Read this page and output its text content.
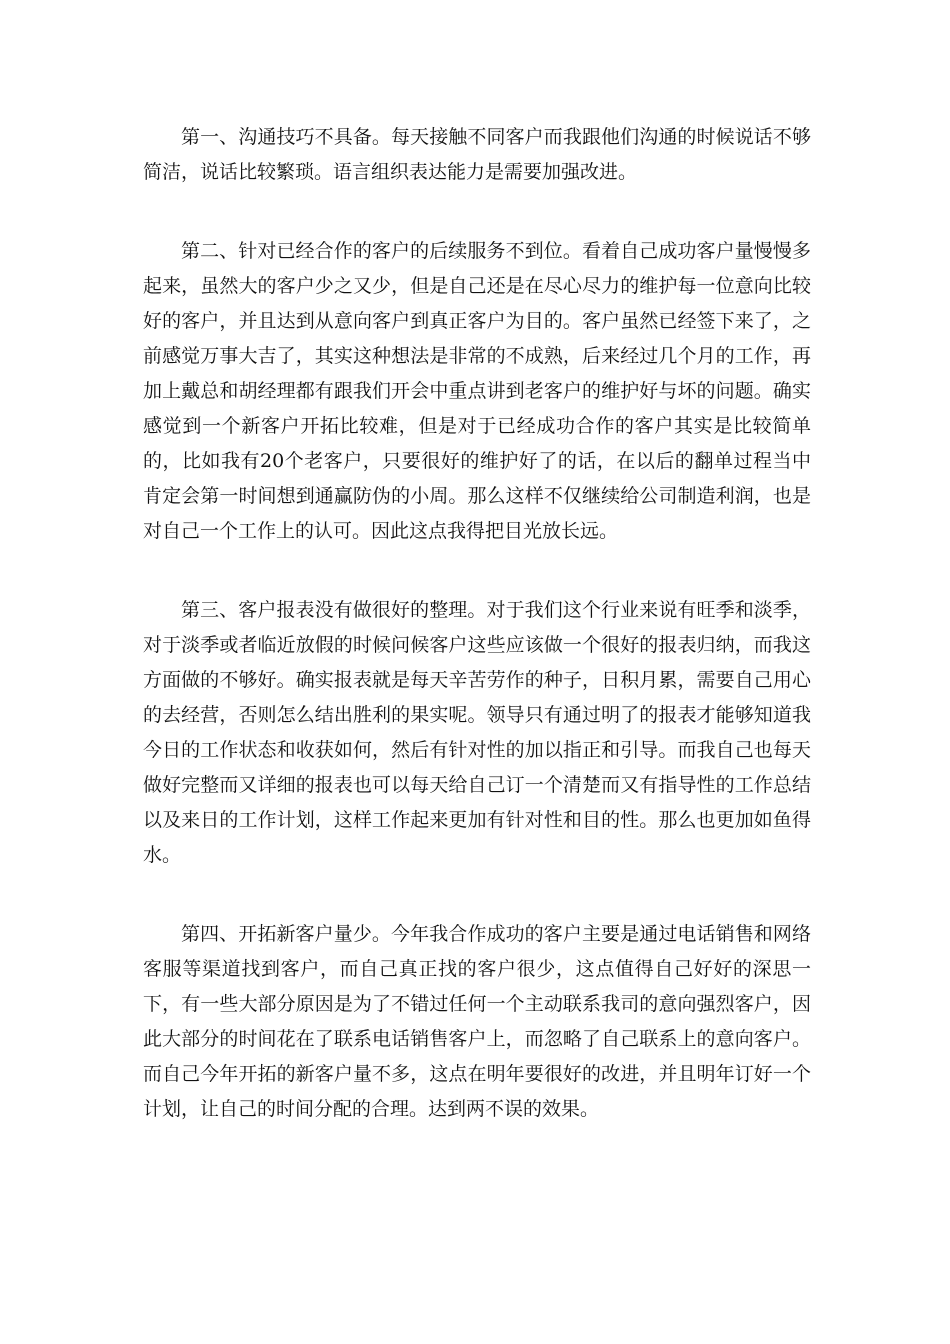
第一、沟通技巧不具备。每天接触不同客户而我跟他们沟通的时候说话不够简洁，说话比较繁琐。语言组织表达能力是需要加强改进。

第二、针对已经合作的客户的后续服务不到位。看着自己成功客户量慢慢多起来，虽然大的客户少之又少，但是自己还是在尽心尽力的维护每一位意向比较好的客户，并且达到从意向客户到真正客户为目的。客户虽然已经签下来了，之前感觉万事大吉了，其实这种想法是非常的不成熟，后来经过几个月的工作，再加上戴总和胡经理都有跟我们开会中重点讲到老客户的维护好与坏的问题。确实感觉到一个新客户开拓比较难，但是对于已经成功合作的客户其实是比较简单的，比如我有20个老客户，只要很好的维护好了的话，在以后的翻单过程当中肯定会第一时间想到通赢防伪的小周。那么这样不仅继续给公司制造利润，也是对自己一个工作上的认可。因此这点我得把目光放长远。

第三、客户报表没有做很好的整理。对于我们这个行业来说有旺季和淡季，对于淡季或者临近放假的时候问候客户这些应该做一个很好的报表归纳，而我这方面做的不够好。确实报表就是每天辛苦劳作的种子，日积月累，需要自己用心的去经营，否则怎么结出胜利的果实呢。领导只有通过明了的报表才能够知道我今日的工作状态和收获如何，然后有针对性的加以指正和引导。而我自己也每天做好完整而又详细的报表也可以每天给自己订一个清楚而又有指导性的工作总结以及来日的工作计划，这样工作起来更加有针对性和目的性。那么也更加如鱼得水。

第四、开拓新客户量少。今年我合作成功的客户主要是通过电话销售和网络客服等渠道找到客户，而自己真正找的客户很少，这点值得自己好好的深思一下，有一些大部分原因是为了不错过任何一个主动联系我司的意向强烈客户，因此大部分的时间花在了联系电话销售客户上，而忽略了自己联系上的意向客户。而自己今年开拓的新客户量不多，这点在明年要很好的改进，并且明年订好一个计划，让自己的时间分配的合理。达到两不误的效果。
